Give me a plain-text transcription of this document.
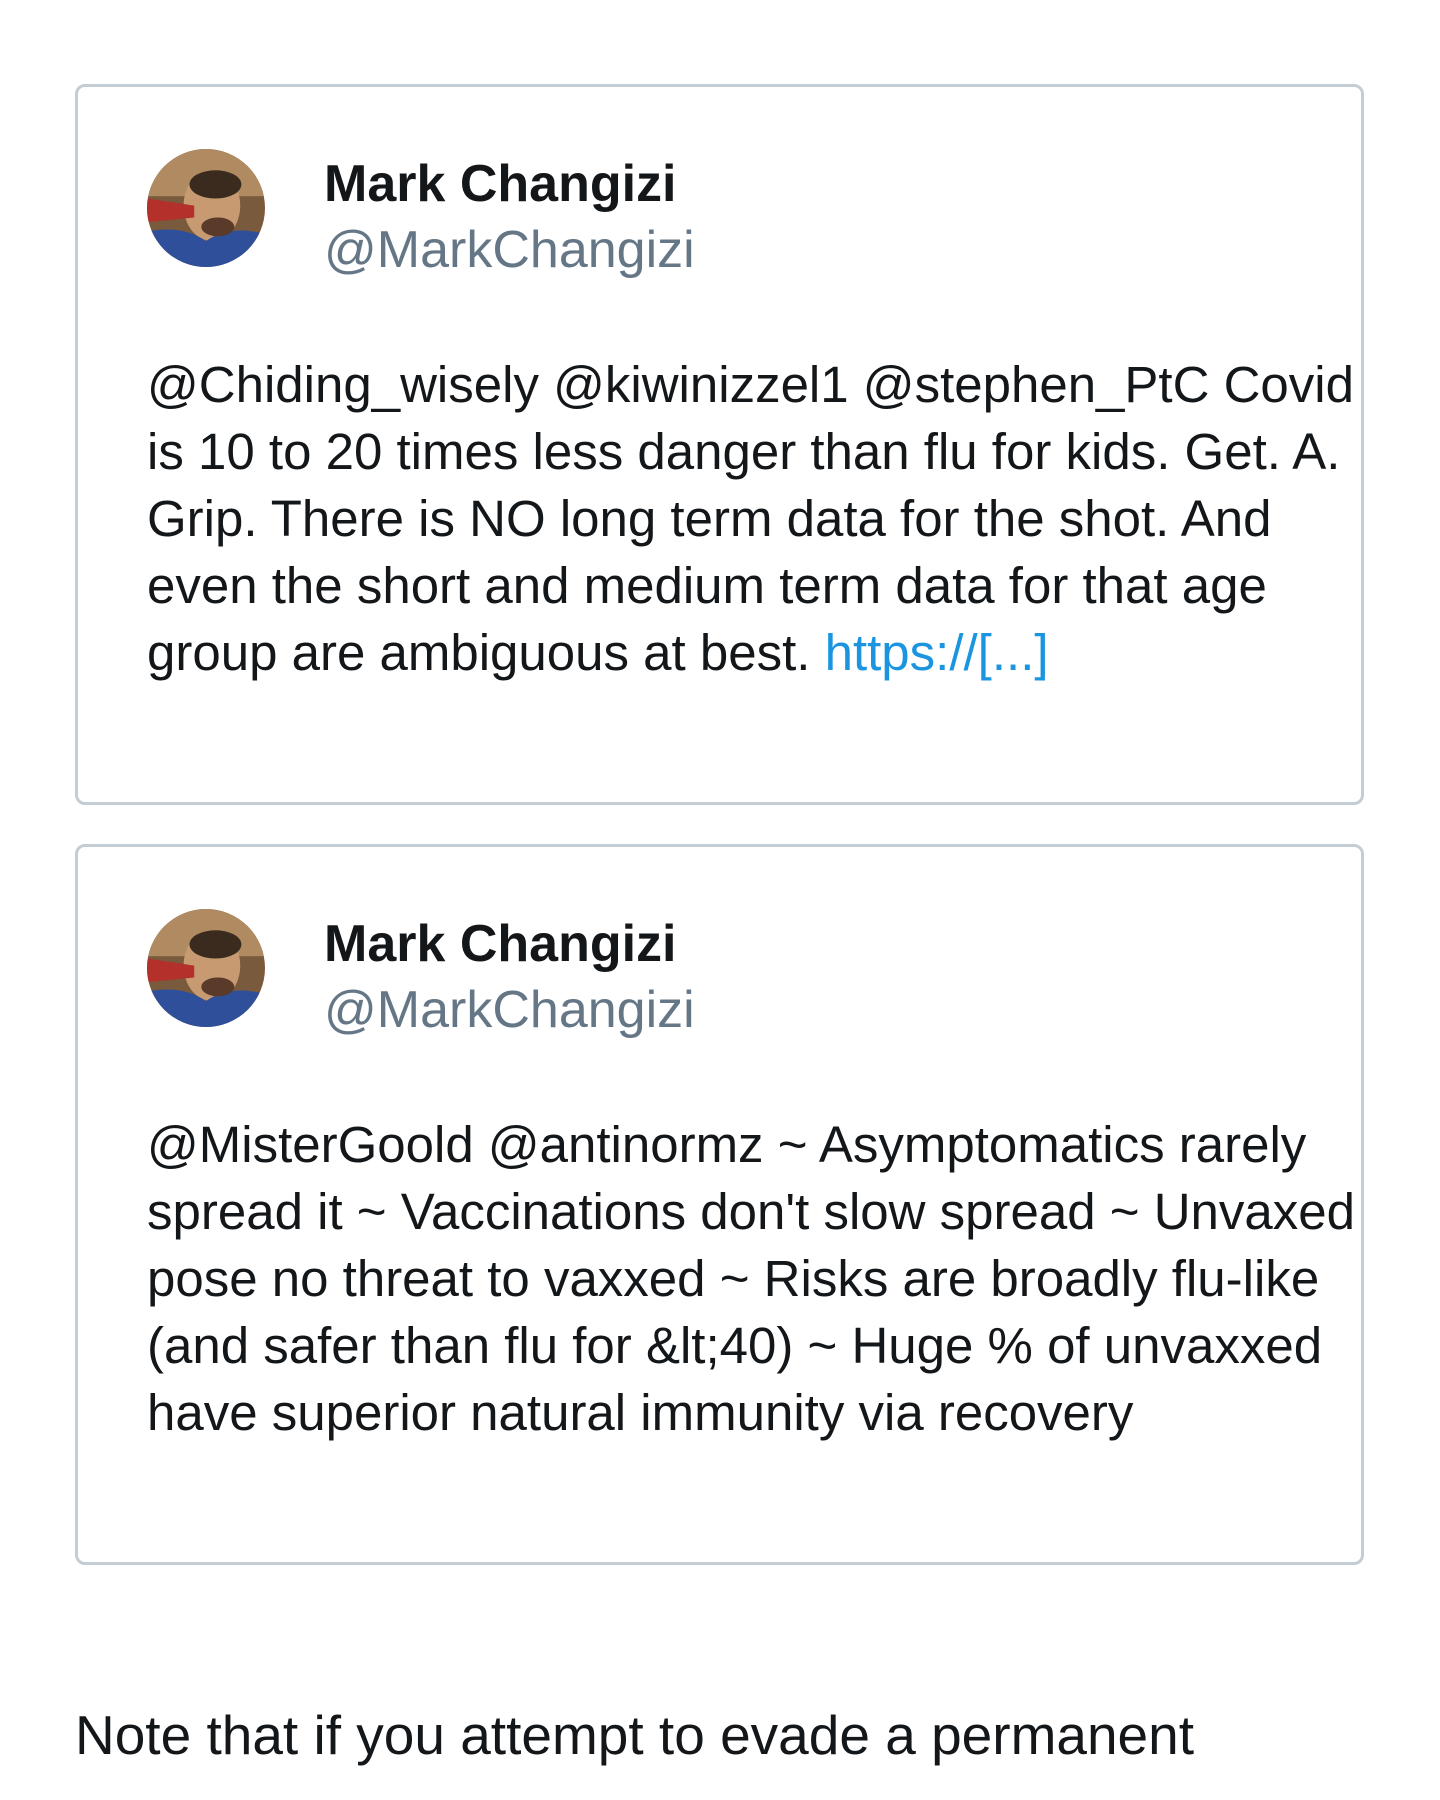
Mark Changizi
@MarkChangizi
@Chiding_wisely @kiwinizzel1 @stephen_PtC Covid is 10 to 20 times less danger than flu for kids. Get. A. Grip. There is NO long term data for the shot. And even the short and medium term data for that age group are ambiguous at best. https://[...]
Mark Changizi
@MarkChangizi
@MisterGoold @antinormz ~ Asymptomatics rarely spread it ~ Vaccinations don't slow spread ~ Unvaxed pose no threat to vaxxed ~ Risks are broadly flu-like (and safer than flu for &lt;40) ~ Huge % of unvaxxed have superior natural immunity via recovery
Note that if you attempt to evade a permanent
